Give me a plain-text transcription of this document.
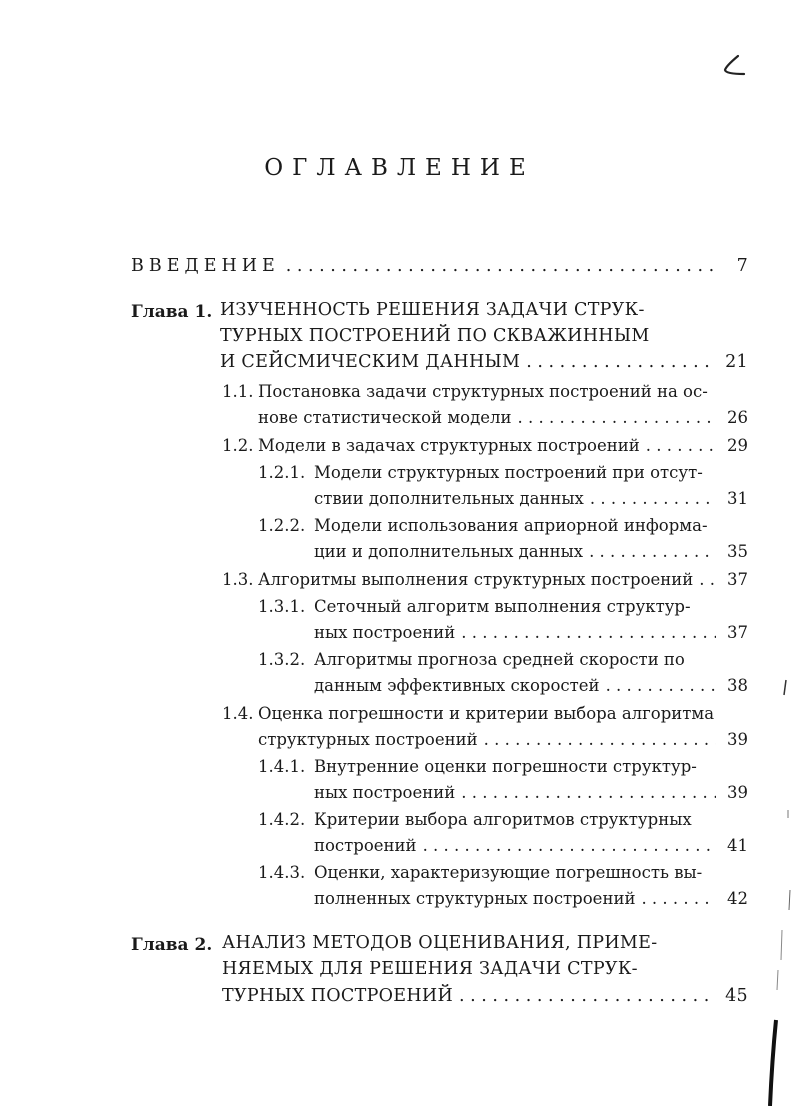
ОГЛАВЛЕНИЕ
ВВЕДЕНИЕ . . .	7
Глава 1. ИЗУЧЕННОСТЬ РЕШЕНИЯ ЗАДАЧИ СТРУК-
ТУРНЫХ ПОСТРОЕНИЙ ПО СКВАЖИННЫМ
И СЕЙСМИЧЕСКИМ ДАННЫМ . . .	21
1.1. Постановка задачи структурных построений на ос-
нове статистической модели . . .	26
1.2. Модели в задачах структурных построений . . .	29
1.2.1. Модели структурных построений при отсут-
ствии дополнительных данных . . .	31
1.2.2. Модели использования априорной информа-
ции и дополнительных данных . . .	35
1.3. Алгоритмы выполнения структурных построений . . .	37
1.3.1. Сеточный алгоритм выполнения структур-
ных построений . . .	37
1.3.2. Алгоритмы прогноза средней скорости по
данным эффективных скоростей . . .	38
1.4. Оценка погрешности и критерии выбора алгоритма
структурных построений . . .	39
1.4.1. Внутренние оценки погрешности структур-
ных построений . . .	39
1.4.2. Критерии выбора алгоритмов структурных
построений . . .	41
1.4.3. Оценки, характеризующие погрешность вы-
полненных структурных построений . . .	42
Глава 2. АНАЛИЗ МЕТОДОВ ОЦЕНИВАНИЯ, ПРИМЕ-
НЯЕМЫХ ДЛЯ РЕШЕНИЯ ЗАДАЧИ СТРУК-
ТУРНЫХ ПОСТРОЕНИЙ . . .	45
